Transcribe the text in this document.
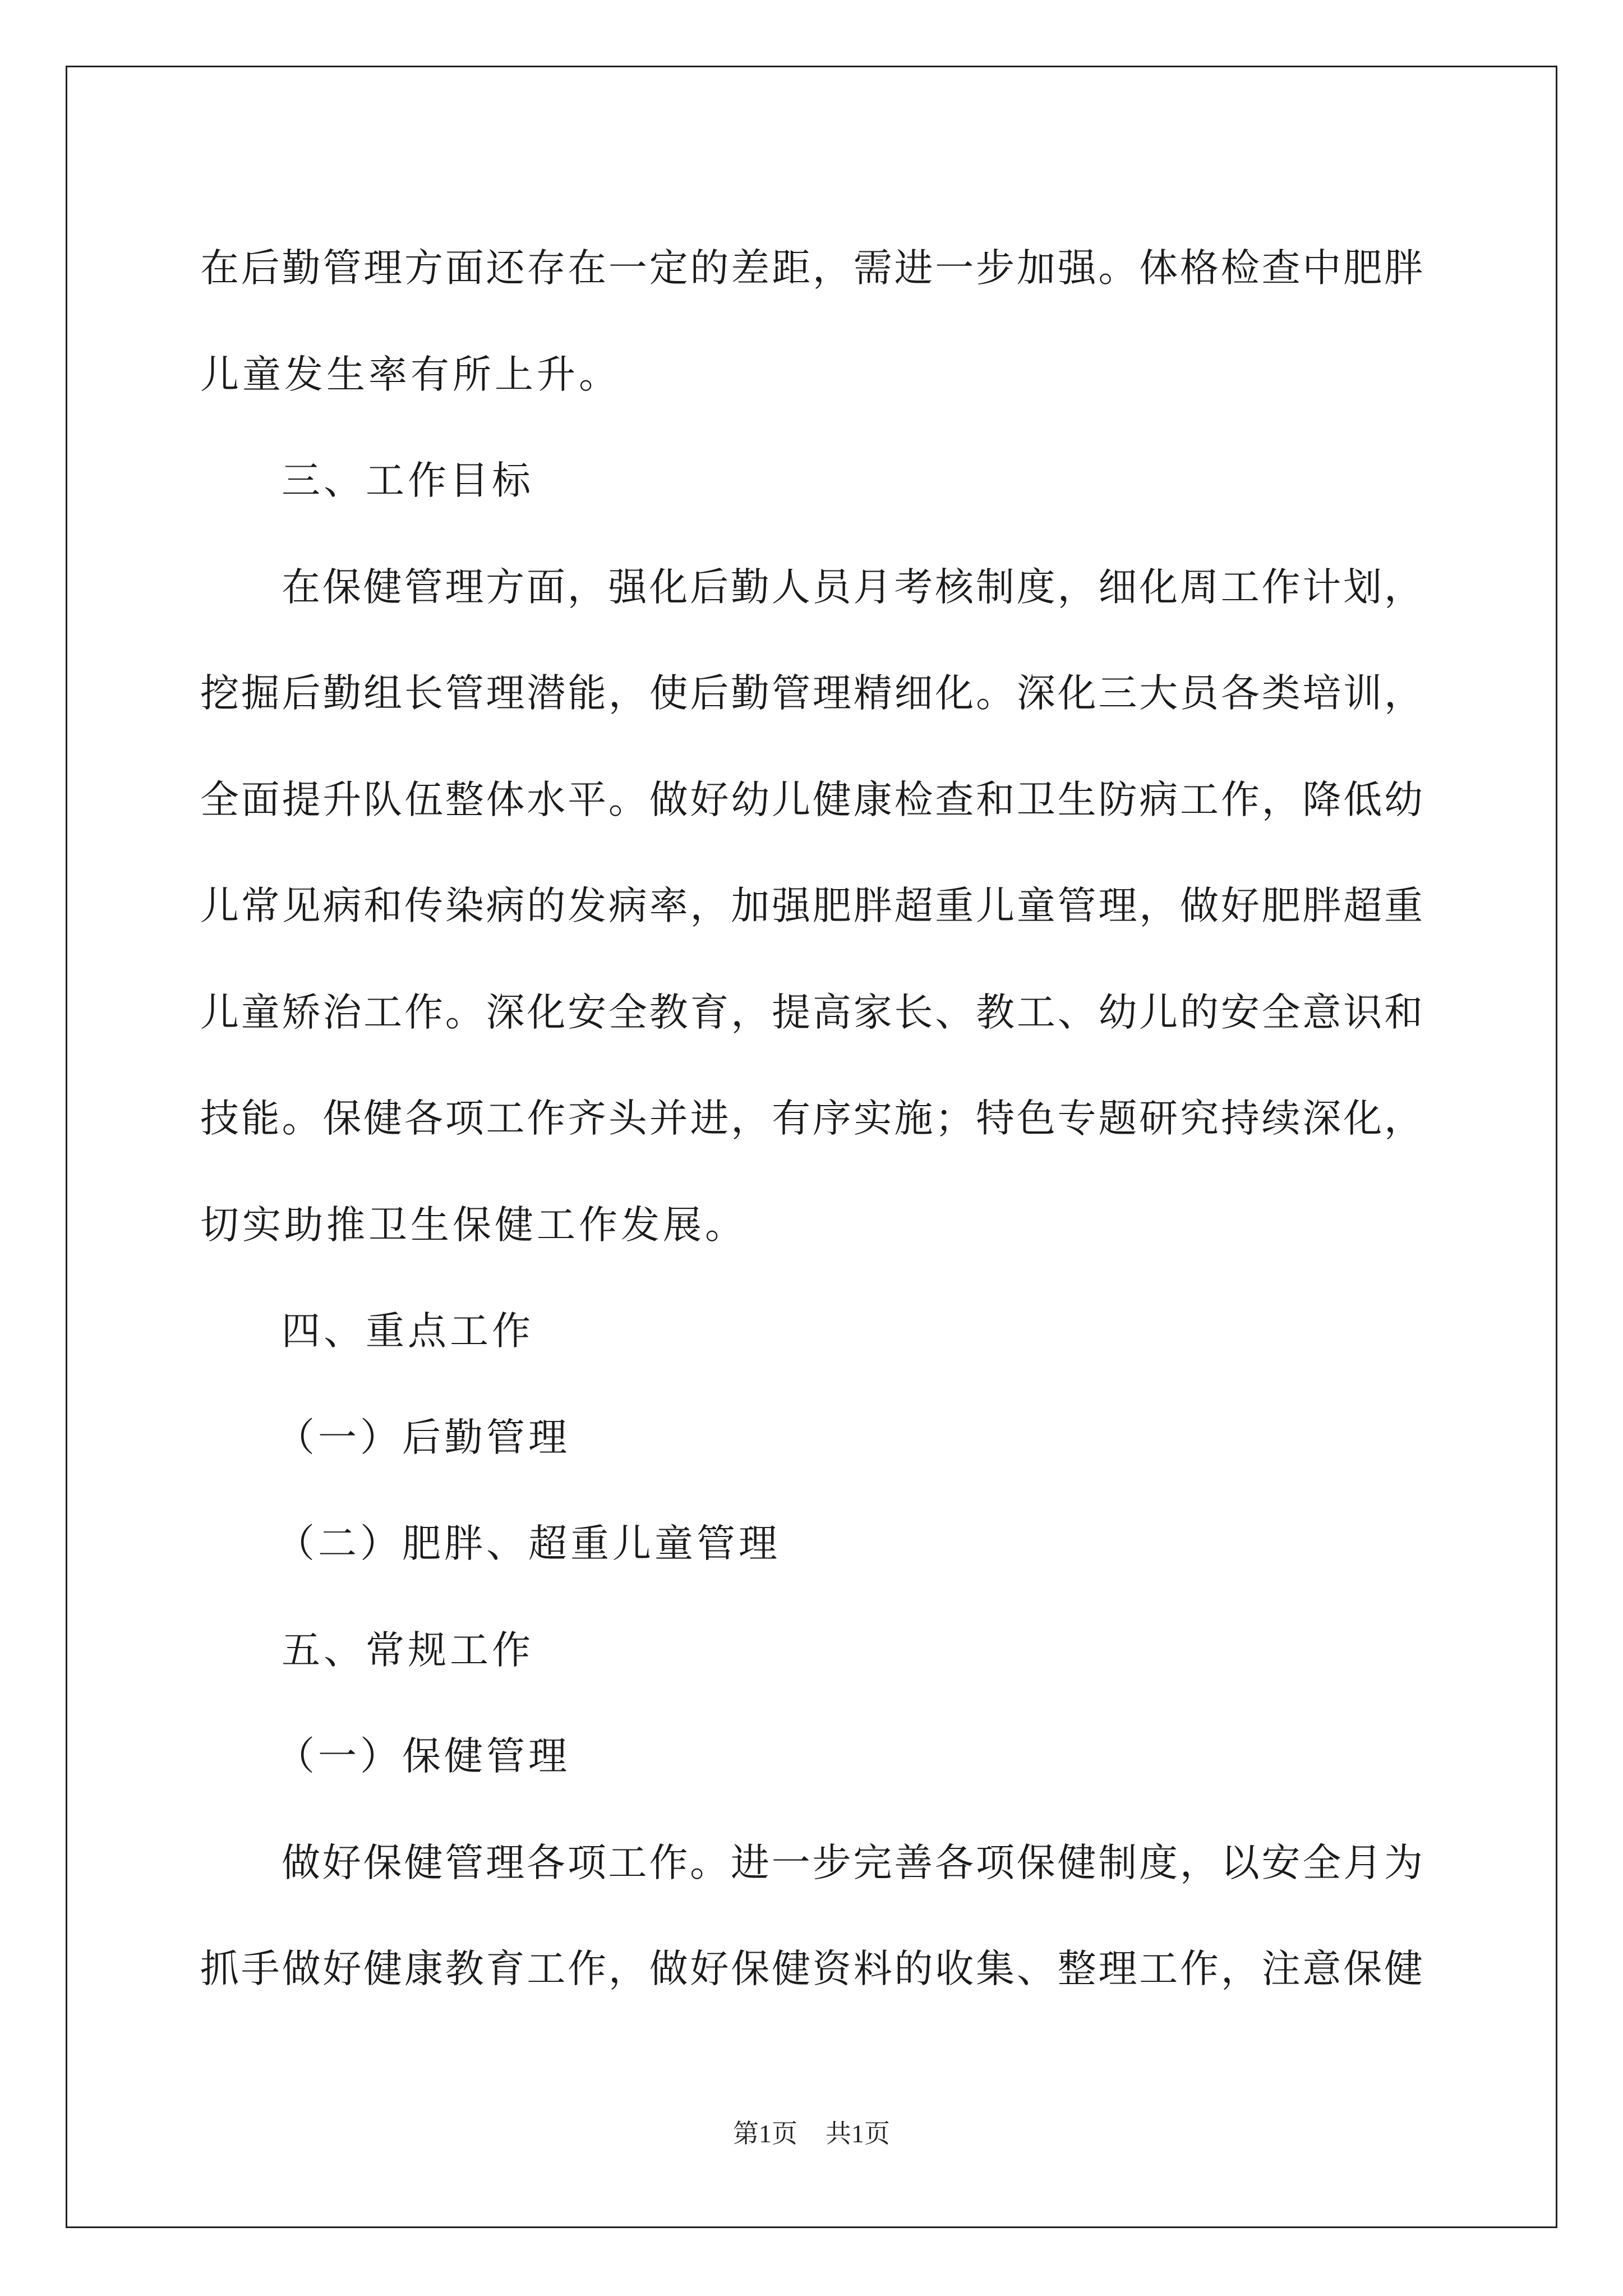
在后勤管理方面还存在一定的差距，需进一步加强。体格检查中肥胖
儿童发生率有所上升。
三、工作目标
在保健管理方面，强化后勤人员月考核制度，细化周工作计划，
挖掘后勤组长管理潜能，使后勤管理精细化。深化三大员各类培训，
全面提升队伍整体水平。做好幼儿健康检查和卫生防病工作，降低幼
儿常见病和传染病的发病率，加强肥胖超重儿童管理，做好肥胖超重
儿童矫治工作。深化安全教育，提高家长、教工、幼儿的安全意识和
技能。保健各项工作齐头并进，有序实施；特色专题研究持续深化，
切实助推卫生保健工作发展。
四、重点工作
（一）后勤管理
（二）肥胖、超重儿童管理
五、常规工作
（一）保健管理
做好保健管理各项工作。进一步完善各项保健制度，以安全月为
抓手做好健康教育工作，做好保健资料的收集、整理工作，注意保健
第1页 共1页
